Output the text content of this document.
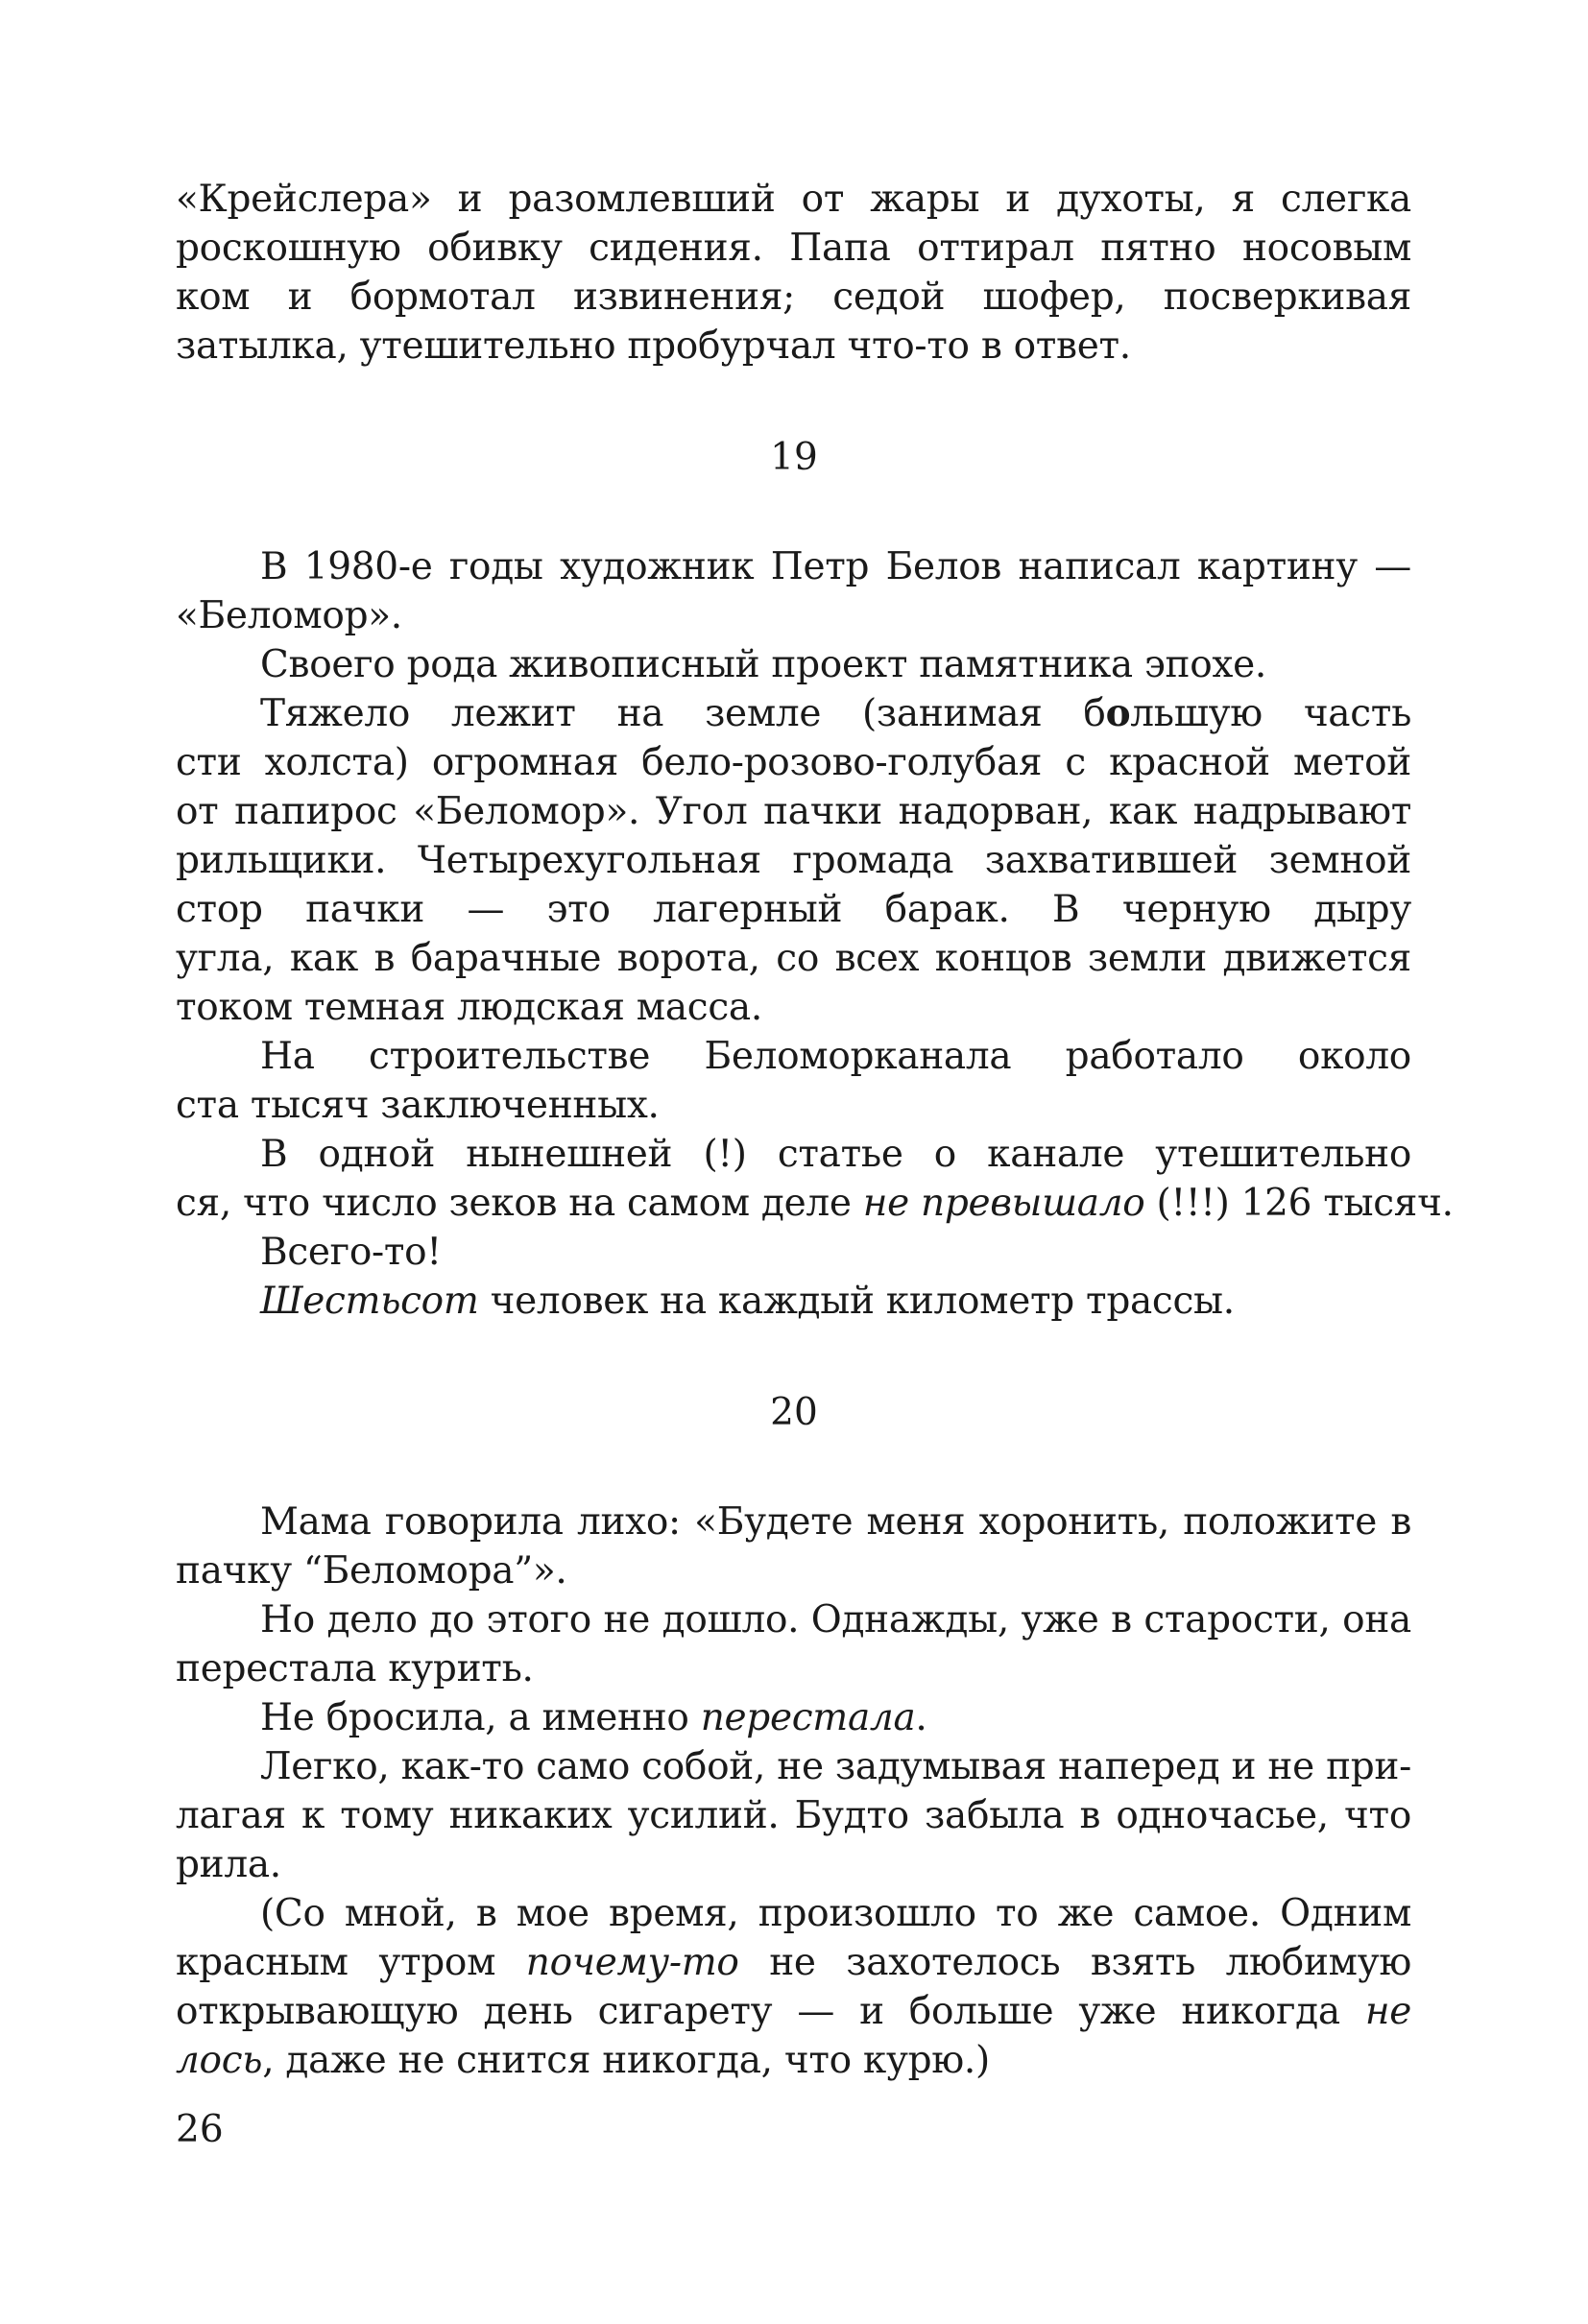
«Крейслера» и разомлевший от жары и духоты, я слегка
роскошную обивку сидения. Папа оттирал пятно носовым
ком и бормотал извинения; седой шофер, посверкивая
затылка, утешительно пробурчал что-то в ответ.
19
В 1980-е годы художник Петр Белов написал картину —
«Беломор».
Своего рода живописный проект памятника эпохе.
Тяжело лежит на земле (занимая большую часть
сти холста) огромная бело-розово-голубая с красной метой
от папирос «Беломор». Угол пачки надорван, как надрывают
рильщики. Четырехугольная громада захватившей земной
стор пачки — это лагерный барак. В черную дыру
угла, как в барачные ворота, со всех концов земли движется
током темная людская масса.
На строительстве Беломорканала работало около
ста тысяч заключенных.
В одной нынешней (!) статье о канале утешительно
ся, что число зеков на самом деле не превышало (!!!) 126 тысяч.
Всего-то!
Шестьсот человек на каждый километр трассы.
20
Мама говорила лихо: «Будете меня хоронить, положите в
пачку “Беломора”».
Но дело до этого не дошло. Однажды, уже в старости, она
перестала курить.
Не бросила, а именно перестала.
Легко, как-то само собой, не задумывая наперед и не при-
лагая к тому никаких усилий. Будто забыла в одночасье, что
рила.
(Со мной, в мое время, произошло то же самое. Одним
красным утром почему-то не захотелось взять любимую
открывающую день сигарету — и больше уже никогда не
лось, даже не снится никогда, что курю.)
26
